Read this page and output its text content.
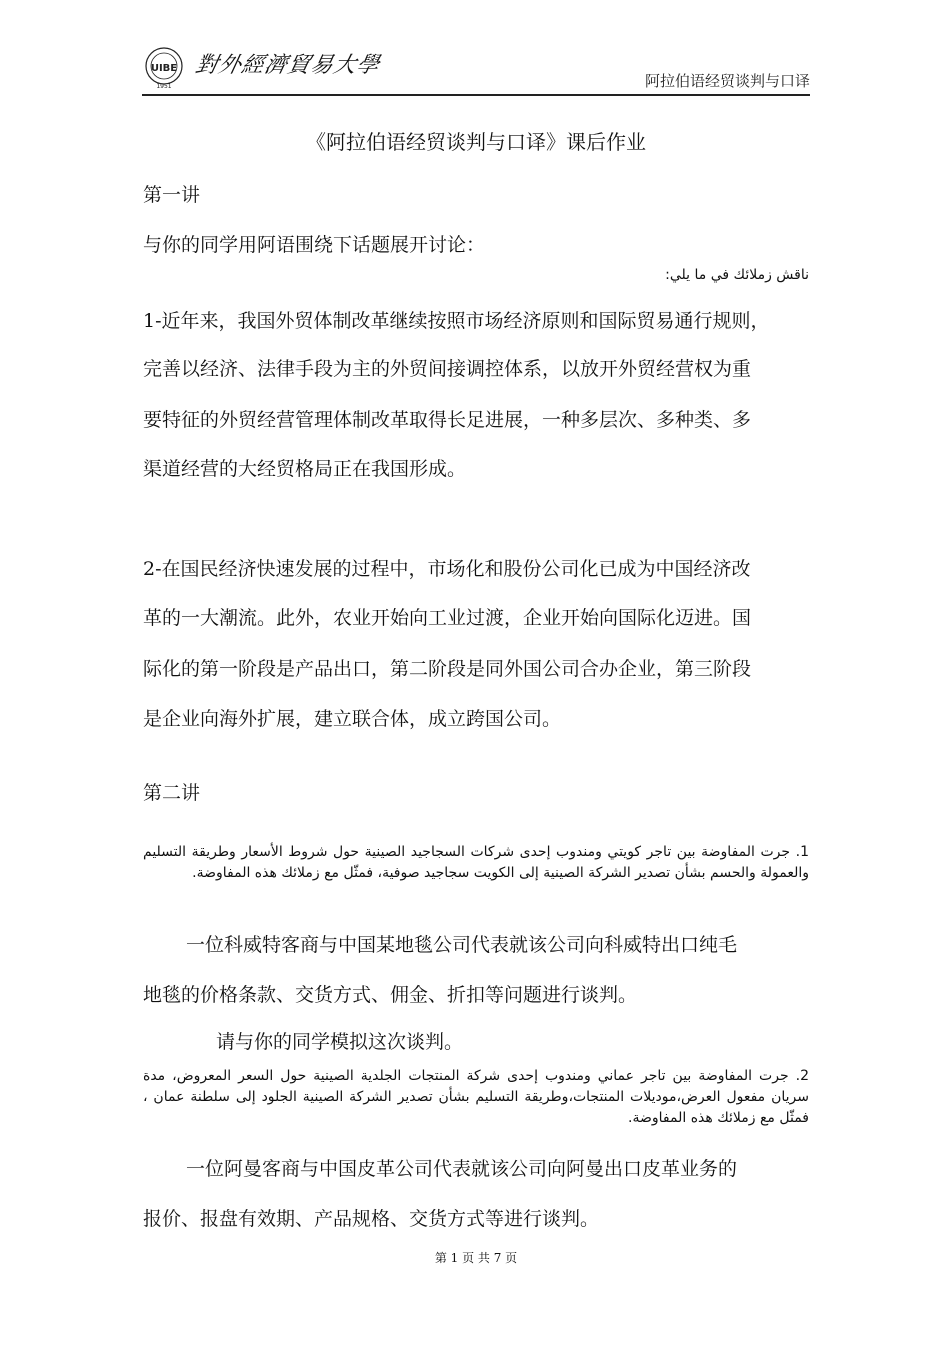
UIBE
1951
對外經濟貿易大學
阿拉伯语经贸谈判与口译
《阿拉伯语经贸谈判与口译》课后作业
第一讲
与你的同学用阿语围绕下话题展开讨论：
ناقش زملائك في ما يلي:
1-近年来，我国外贸体制改革继续按照市场经济原则和国际贸易通行规则，
完善以经济、法律手段为主的外贸间接调控体系，以放开外贸经营权为重
要特征的外贸经营管理体制改革取得长足进展，一种多层次、多种类、多
渠道经营的大经贸格局正在我国形成。
2-在国民经济快速发展的过程中，市场化和股份公司化已成为中国经济改
革的一大潮流。此外，农业开始向工业过渡，企业开始向国际化迈进。国
际化的第一阶段是产品出口，第二阶段是同外国公司合办企业，第三阶段
是企业向海外扩展，建立联合体，成立跨国公司。
第二讲
1. جرت المفاوضة بين تاجر كويتي ومندوب إحدى شركات السجاجيد الصينية حول شروط الأسعار وطريقة التسليم والعمولة والحسم بشأن تصدير الشركة الصينية إلى الكويت سجاجيد صوفية، فمثّل مع زملائك هذه المفاوضة.
一位科威特客商与中国某地毯公司代表就该公司向科威特出口纯毛
地毯的价格条款、交货方式、佣金、折扣等问题进行谈判。
请与你的同学模拟这次谈判。
2. جرت المفاوضة بين تاجر عماني ومندوب إحدى شركة المنتجات الجلدية الصينية حول السعر المعروض، مدة سريان مفعول العرض،موديلات المنتجات،وطريقة التسليم بشأن تصدير الشركة الصينية الجلود إلى سلطنة عمان ، فمثّل مع زملائك هذه المفاوضة.
一位阿曼客商与中国皮革公司代表就该公司向阿曼出口皮革业务的
报价、报盘有效期、产品规格、交货方式等进行谈判。
第 1 页 共 7 页
